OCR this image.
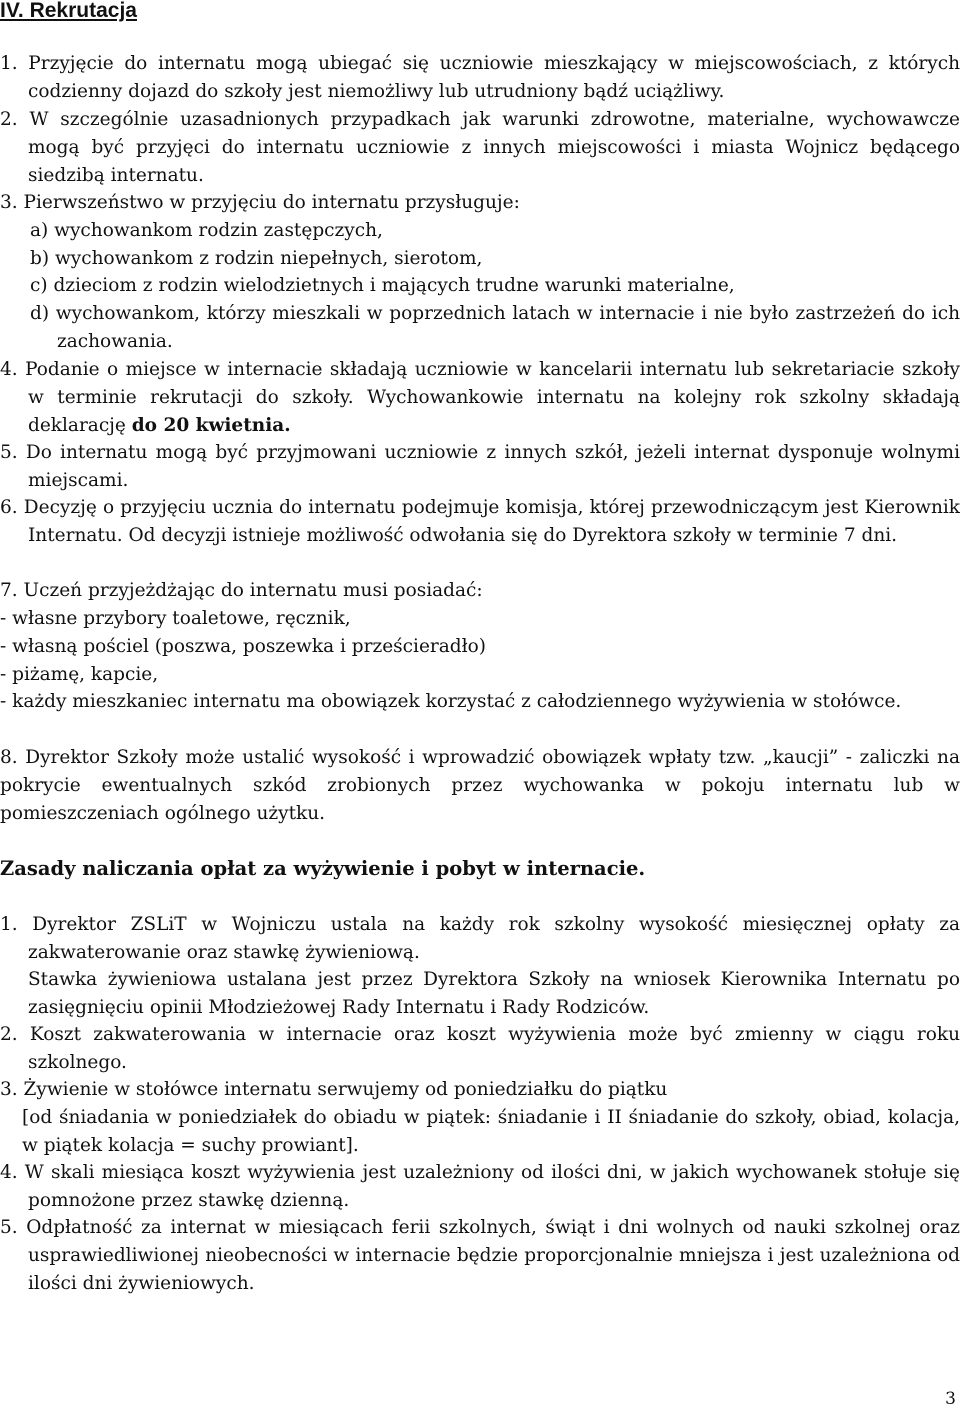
IV. Rekrutacja
1. Przyjęcie do internatu mogą ubiegać się uczniowie mieszkający w miejscowościach, z których codzienny dojazd do szkoły jest niemożliwy lub utrudniony bądź uciążliwy.
2. W szczególnie uzasadnionych przypadkach jak warunki zdrowotne, materialne, wychowawcze mogą być przyjęci do internatu uczniowie z innych miejscowości i miasta Wojnicz będącego siedzibą internatu.
3. Pierwszeństwo w przyjęciu do internatu przysługuje:
a) wychowankom rodzin zastępczych,
b) wychowankom z rodzin niepełnych, sierotom,
c) dzieciom z rodzin wielodzietnych i mających trudne warunki materialne,
d) wychowankom, którzy mieszkali w poprzednich latach w internacie i nie było zastrzeżeń do ich zachowania.
4. Podanie o miejsce w internacie składają uczniowie w kancelarii internatu lub sekretariacie szkoły w terminie rekrutacji do szkoły. Wychowankowie internatu na kolejny rok szkolny składają deklarację do 20 kwietnia.
5. Do internatu mogą być przyjmowani uczniowie z innych szkół, jeżeli internat dysponuje wolnymi miejscami.
6. Decyzję o przyjęciu ucznia do internatu podejmuje komisja, której przewodniczącym jest Kierownik Internatu. Od decyzji istnieje możliwość odwołania się do Dyrektora szkoły w terminie 7 dni.
7. Uczeń przyjeżdżając do internatu musi posiadać:
- własne przybory toaletowe, ręcznik,
- własną pościel (poszwa, poszewka i prześcieradło)
- piżamę, kapcie,
- każdy mieszkaniec internatu ma obowiązek korzystać z całodziennego wyżywienia w stołówce.
8. Dyrektor Szkoły może ustalić wysokość i wprowadzić obowiązek wpłaty tzw. „kaucji” - zaliczki na pokrycie ewentualnych szkód zrobionych przez wychowanka w pokoju internatu lub w pomieszczeniach ogólnego użytku.
Zasady naliczania opłat za wyżywienie i pobyt w internacie.
1. Dyrektor ZSLiT w Wojniczu ustala na każdy rok szkolny wysokość miesięcznej opłaty za zakwaterowanie oraz stawkę żywieniową.
Stawka żywieniowa ustalana jest przez Dyrektora Szkoły na wniosek Kierownika Internatu po zasięgnięciu opinii Młodzieżowej Rady Internatu i Rady Rodziców.
2. Koszt zakwaterowania w internacie oraz koszt wyżywienia może być zmienny w ciągu roku szkolnego.
3. Żywienie w stołówce internatu serwujemy od poniedziałku do piątku
[od śniadania w poniedziałek do obiadu w piątek: śniadanie i II śniadanie do szkoły, obiad, kolacja, w piątek kolacja = suchy prowiant].
4. W skali miesiąca koszt wyżywienia jest uzależniony od ilości dni, w jakich wychowanek stołuje się pomnożone przez stawkę dzienną.
5. Odpłatność za internat w miesiącach ferii szkolnych, świąt i dni wolnych od nauki szkolnej oraz usprawiedliwionej nieobecności w internacie będzie proporcjonalnie mniejsza i jest uzależniona od ilości dni żywieniowych.
3
